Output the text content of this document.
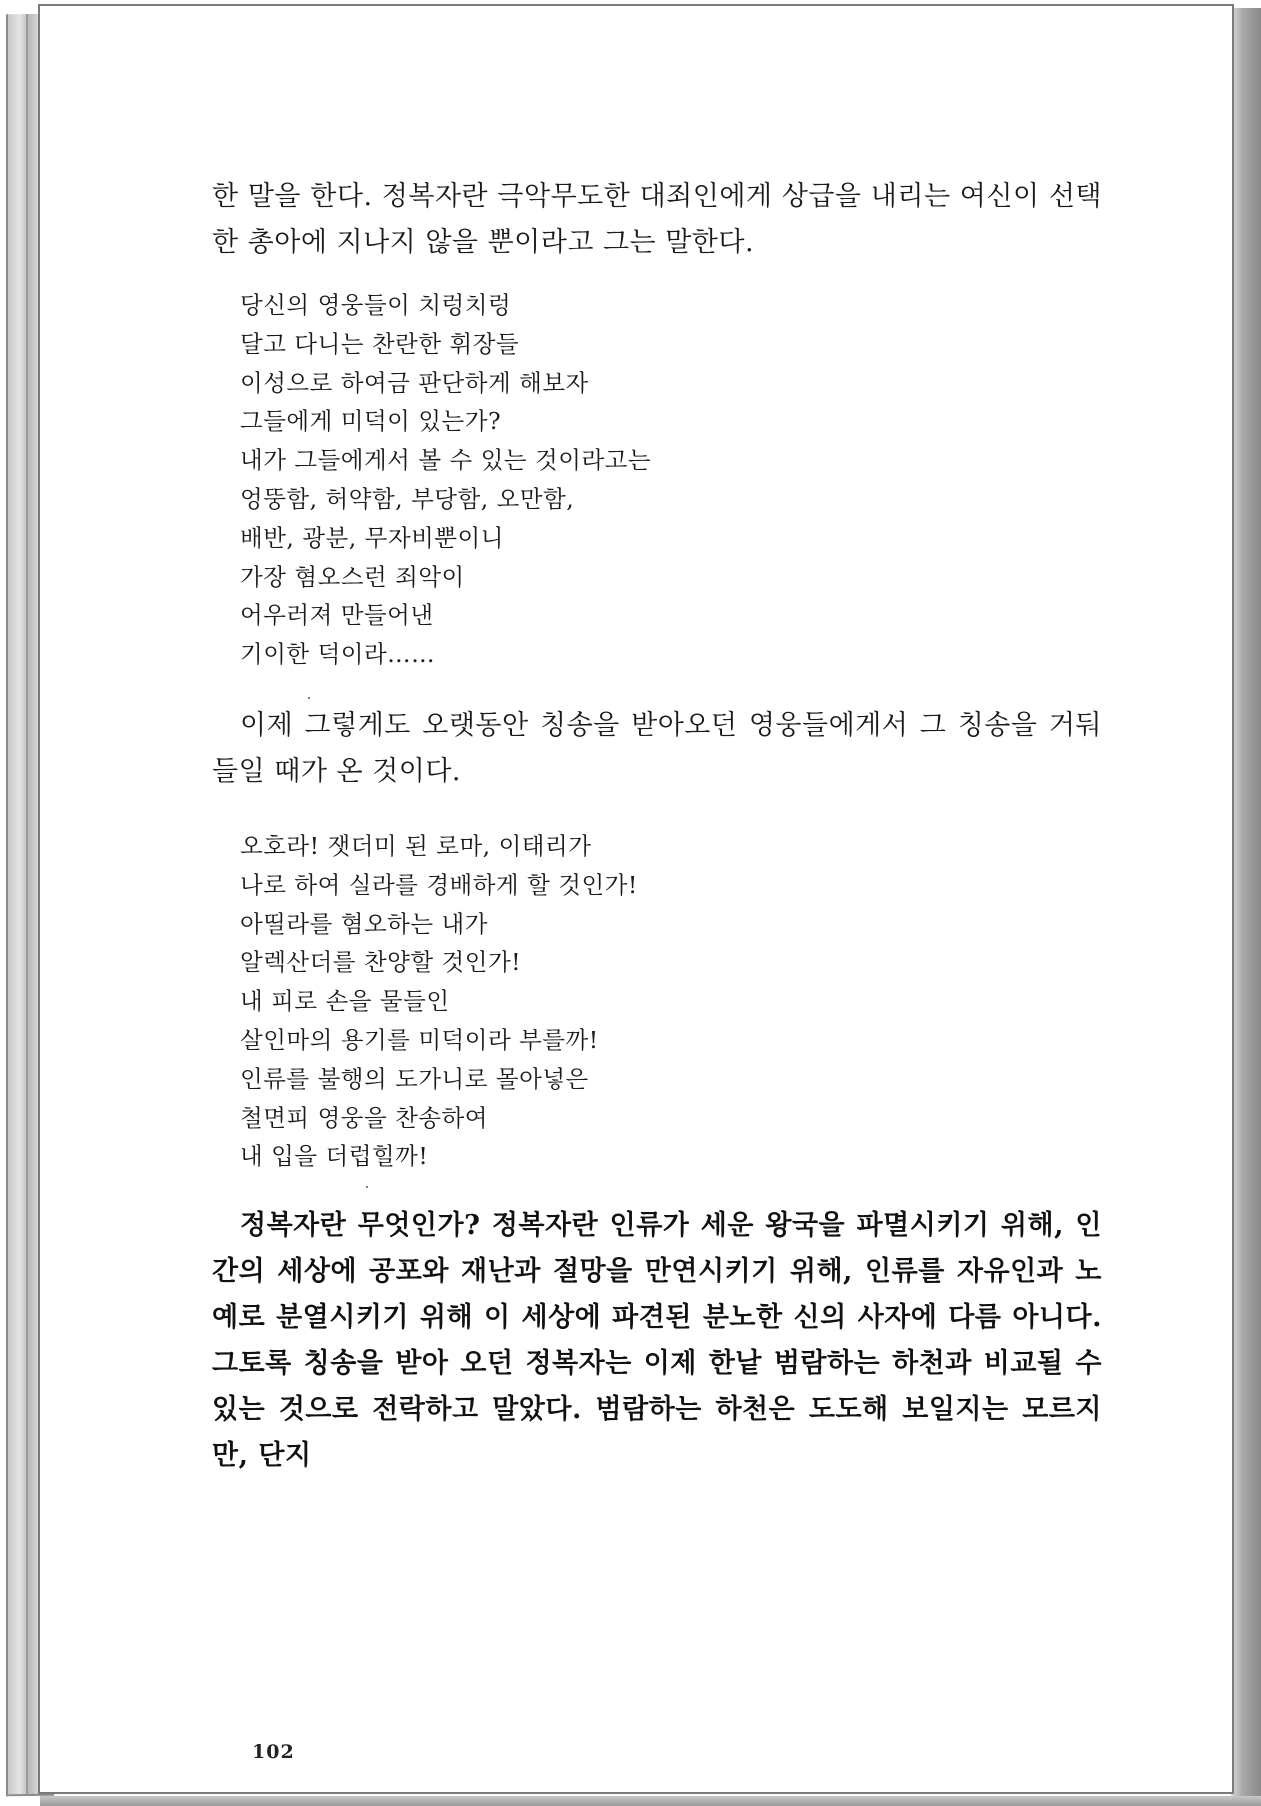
한 말을 한다. 정복자란 극악무도한 대죄인에게 상급을 내리는 여신이 선택한 총아에 지나지 않을 뿐이라고 그는 말한다.

당신의 영웅들이 치렁치렁
달고 다니는 찬란한 휘장들
이성으로 하여금 판단하게 해보자
그들에게 미덕이 있는가?
내가 그들에게서 볼 수 있는 것이라고는
엉뚱함, 허약함, 부당함, 오만함,
배반, 광분, 무자비뿐이니
가장 혐오스런 죄악이
어우러져 만들어낸
기이한 덕이라……

이제 그렇게도 오랫동안 칭송을 받아오던 영웅들에게서 그 칭송을 거둬들일 때가 온 것이다.

오호라! 잿더미 된 로마, 이태리가
나로 하여 실라를 경배하게 할 것인가!
아띨라를 혐오하는 내가
알렉산더를 찬양할 것인가!
내 피로 손을 물들인
살인마의 용기를 미덕이라 부를까!
인류를 불행의 도가니로 몰아넣은
철면피 영웅을 찬송하여
내 입을 더럽힐까!

정복자란 무엇인가? 정복자란 인류가 세운 왕국을 파멸시키기 위해, 인간의 세상에 공포와 재난과 절망을 만연시키기 위해, 인류를 자유인과 노예로 분열시키기 위해 이 세상에 파견된 분노한 신의 사자에 다름 아니다. 그토록 칭송을 받아 오던 정복자는 이제 한낱 범람하는 하천과 비교될 수 있는 것으로 전락하고 말았다. 범람하는 하천은 도도해 보일지는 모르지만, 단지

102
